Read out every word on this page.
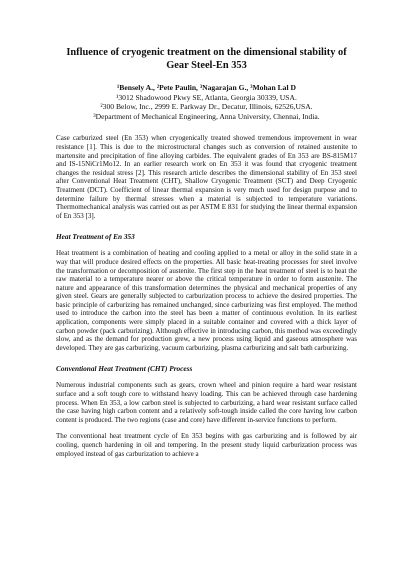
Influence of cryogenic treatment on the dimensional stability of Gear Steel-En 353
¹Bensely A., ²Pete Paulin, ³Nagarajan G., ³Mohan Lal D
¹3012 Shadowood Pkwy SE, Atlanta, Georgia 30339, USA.
²300 Below, Inc., 2999 E. Parkway Dr., Decatur, Illinois, 62526,USA.
³Department of Mechanical Engineering, Anna University, Chennai, India.

Case carburized steel (En 353) when cryogenically treated showed tremendous improvement in wear resistance [1]. This is due to the microstructural changes such as conversion of retained austenite to martensite and precipitation of fine alloying carbides. The equivalent grades of En 353 are BS-815M17 and IS-15NiCr1Mo12. In an earlier research work on En 353 it was found that cryogenic treatment changes the residual stress [2]. This research article describes the dimensional stability of En 353 steel after Conventional Heat Treatment (CHT), Shallow Cryogenic Treatment (SCT) and Deep Cryogenic Treatment (DCT). Coefficient of linear thermal expansion is very much used for design purpose and to determine failure by thermal stresses when a material is subjected to temperature variations. Thermomechanical analysis was carried out as per ASTM E 831 for studying the linear thermal expansion of En 353 [3].

Heat Treatment of En 353

Heat treatment is a combination of heating and cooling applied to a metal or alloy in the solid state in a way that will produce desired effects on the properties. All basic heat-treating processes for steel involve the transformation or decomposition of austenite. The first step in the heat treatment of steel is to heat the raw material to a temperature nearer or above the critical temperature in order to form austenite. The nature and appearance of this transformation determines the physical and mechanical properties of any given steel. Gears are generally subjected to carburization process to achieve the desired properties. The basic principle of carburizing has remained unchanged, since carburizing was first employed. The method used to introduce the carbon into the steel has been a matter of continuous evolution. In its earliest application, components were simply placed in a suitable container and covered with a thick layer of carbon powder (pack carburizing). Although effective in introducing carbon, this method was exceedingly slow, and as the demand for production grew, a new process using liquid and gaseous atmosphere was developed. They are gas carburizing, vacuum carburizing, plasma carburizing and salt bath carburizing.

Conventional Heat Treatment (CHT) Process

Numerous industrial components such as gears, crown wheel and pinion require a hard wear resistant surface and a soft tough core to withstand heavy loading. This can be achieved through case hardening process. When En 353, a low carbon steel is subjected to carburizing, a hard wear resistant surface called the case having high carbon content and a relatively soft-tough inside called the core having low carbon content is produced. The two regions (case and core) have different in-service functions to perform.

The conventional heat treatment cycle of En 353 begins with gas carburizing and is followed by air cooling, quench hardening in oil and tempering. In the present study liquid carburization process was employed instead of gas carburization to achieve a
